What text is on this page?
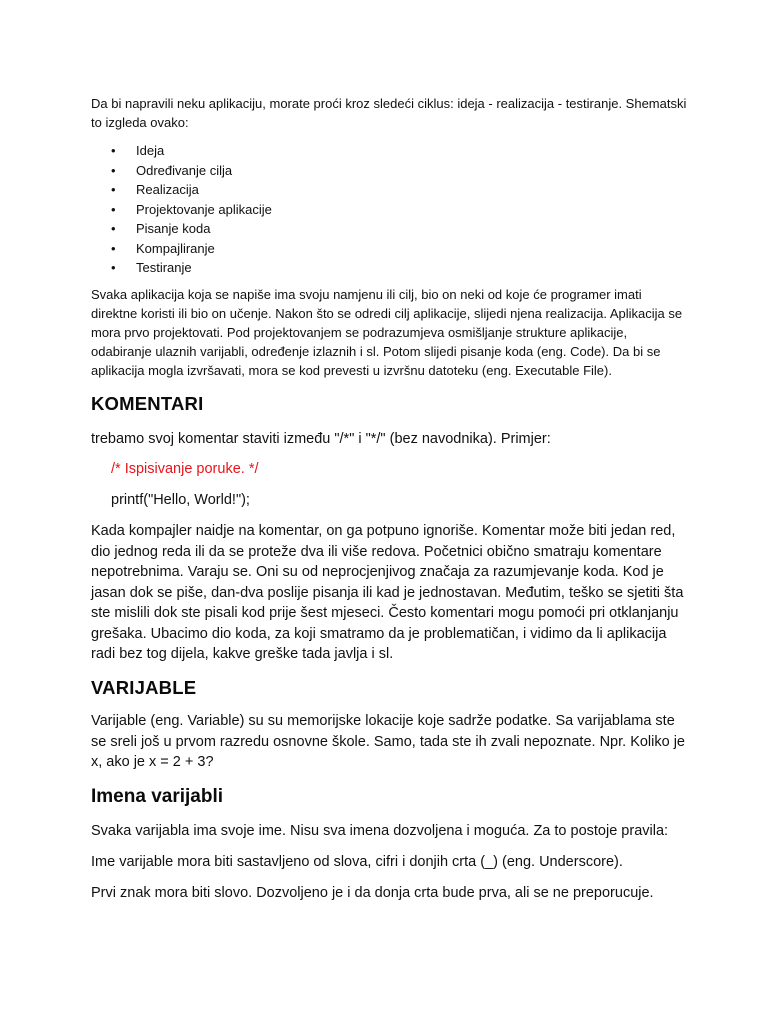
Da bi napravili neku aplikaciju, morate proći kroz sledeći ciklus: ideja - realizacija - testiranje. Shematski to izgleda ovako:

• Ideja
• Određivanje cilja
• Realizacija
• Projektovanje aplikacije
• Pisanje koda
• Kompajliranje
• Testiranje

Svaka aplikacija koja se napiše ima svoju namjenu ili cilj, bio on neki od koje će programer imati direktne koristi ili bio on učenje. Nakon što se odredi cilj aplikacije, slijedi njena realizacija. Aplikacija se mora prvo projektovati. Pod projektovanjem se podrazumjeva osmišljanje strukture aplikacije, odabiranje ulaznih varijabli, određenje izlaznih i sl. Potom slijedi pisanje koda (eng. Code). Da bi se aplikacija mogla izvršavati, mora se kod prevesti u izvršnu datoteku (eng. Executable File).

KOMENTARI

trebamo svoj komentar staviti između "/*" i "*/" (bez navodnika). Primjer:

/* Ispisivanje poruke. */

printf("Hello, World!");

Kada kompajler naidje na komentar, on ga potpuno ignoriše. Komentar može biti jedan red, dio jednog reda ili da se proteže dva ili više redova. Početnici obično smatraju komentare nepotrebnima. Varaju se. Oni su od neprocjenjivog značaja za razumjevanje koda. Kod je jasan dok se piše, dan-dva poslije pisanja ili kad je jednostavan. Međutim, teško se sjetiti šta ste mislili dok ste pisali kod prije šest mjeseci. Često komentari mogu pomoći pri otklanjanju grešaka. Ubacimo dio koda, za koji smatramo da je problematičan, i vidimo da li aplikacija radi bez tog dijela, kakve greške tada javlja i sl.

VARIJABLE

Varijable (eng. Variable) su su memorijske lokacije koje sadrže podatke. Sa varijablama ste se sreli još u prvom razredu osnovne škole. Samo, tada ste ih zvali nepoznate. Npr. Koliko je x, ako je x = 2 + 3?

Imena varijabli

Svaka varijabla ima svoje ime. Nisu sva imena dozvoljena i moguća. Za to postoje pravila:

Ime varijable mora biti sastavljeno od slova, cifri i donjih crta (_) (eng. Underscore).

Prvi znak mora biti slovo. Dozvoljeno je i da donja crta bude prva, ali se ne preporucuje.
